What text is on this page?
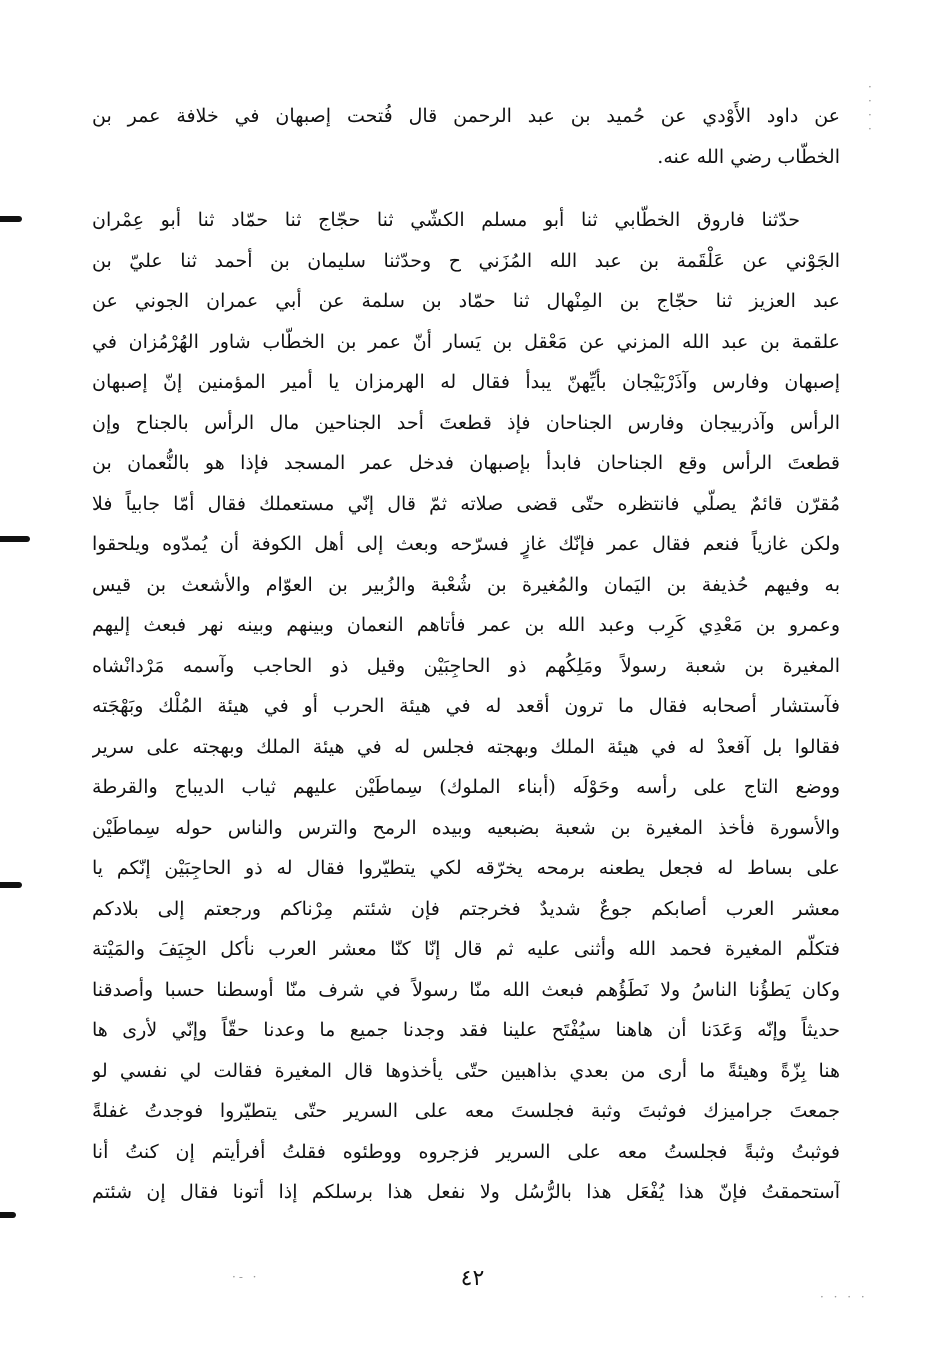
عن داود الأَوْدي عن حُميد بن عبد الرحمن قال فُتحت إصبهان في خلافة عمر بن
الخطّاب رضي الله عنه.
حدّثنا فاروق الخطّابي ثنا أبو مسلم الكشّي ثنا حجّاج ثنا حمّاد ثنا أبو عِمْران
الجَوْني عن عَلْقَمة بن عبد الله المُزَني ح وحدّثنا سليمان بن أحمد ثنا عليّ بن
عبد العزيز ثنا حجّاج بن المِنْهال ثنا حمّاد بن سلمة عن أبي عمران الجوني عن
علقمة بن عبد الله المزني عن مَعْقل بن يَسار أنّ عمر بن الخطّاب شاور الهُرْمُزان في
إصبهان وفارس وآذَرْبَيْجان بأيِّهنّ يبدأ فقال له الهرمزان يا أمير المؤمنين إنّ إصبهان
الرأس وآذربيجان وفارس الجناحان فإذ قطعتَ أحد الجناحين مال الرأس بالجناح وإن
قطعتَ الرأس وقع الجناحان فابدأ بإصبهان فدخل عمر المسجد فإذا هو بالنُّعمان بن
مُقرّن قائمٌ يصلّي فانتظره حتّى قضى صلاته ثمّ قال إنّي مستعملك فقال أمّا جابياً فلا
ولكن غازياً فنعم فقال عمر فإنّك غازٍ فسرّحه وبعث إلى أهل الكوفة أن يُمدّوه ويلحقوا
به وفيهم حُذيفة بن اليَمان والمُغيرة بن شُعْبة والزُبير بن العوّام والأشعث بن قيس
وعمرو بن مَعْدِي كَرِب وعبد الله بن عمر فأتاهم النعمان وبينهم وبينه نهر فبعث إليهم
المغيرة بن شعبة رسولاً ومَلِكُهم ذو الحاجِبَيْن وقيل ذو الحاجب وآسمه مَرْدانْشاه
فآستشار أصحابه فقال ما ترون أقعد له في هيئة الحرب أو في هيئة المُلْك وبَهْجَته
فقالوا بل آقعدْ له في هيئة الملك وبهجته فجلس له في هيئة الملك وبهجته على سرير
ووضع التاج على رأسه وحَوْلَه (أبناء الملوك) سِماطَيْن عليهم ثياب الديباج والقرطة
والأسورة فأخذ المغيرة بن شعبة بضبعيه وبيده الرمح والترس والناس حوله سِماطَيْن
على بساط له فجعل يطعنه برمحه يخرّقه لكي يتطيّروا فقال له ذو الحاجِبَيْن إنّكم يا
معشر العرب أصابكم جوعٌ شديدٌ فخرجتم فإن شئتم مِرْناكم ورجعتم إلى بلادكم
فتكلّم المغيرة فحمد الله وأثنى عليه ثم قال إنّا كنّا معشر العرب نأكل الجِيَفَ والمَيْتة
وكان يَطؤُنا الناسُ ولا نَطَؤُهم فبعث الله منّا رسولاً في شرف منّا أوسطنا حسبا وأصدقنا
حديثاً وإنّه وَعَدَنا أن هاهنا سيُفْتَح علينا فقد وجدنا جميع ما وعدنا حقّاً وإنّي لأرى ها
هنا بِزّةً وهيئةً ما أرى من بعدي بذاهبين حتّى يأخذوها قال المغيرة فقالت لي نفسي لو
جمعتَ جراميزك فوثبتَ وثبة فجلستَ معه على السرير حتّى يتطيّروا فوجدتُ غفلةً
فوثبتُ وثبةً فجلستُ معه على السرير فزجروه ووطئوه فقلتُ أفرأيتم إن كنتُ أنا
آستحمقتُ فإنّ هذا يُفْعَل هذا بالرُّسُل ولا نفعل هذا برسلكم إذا أتونا فقال إن شئتم
٤٢
· · · ·
·- ·
·
·
·
·
